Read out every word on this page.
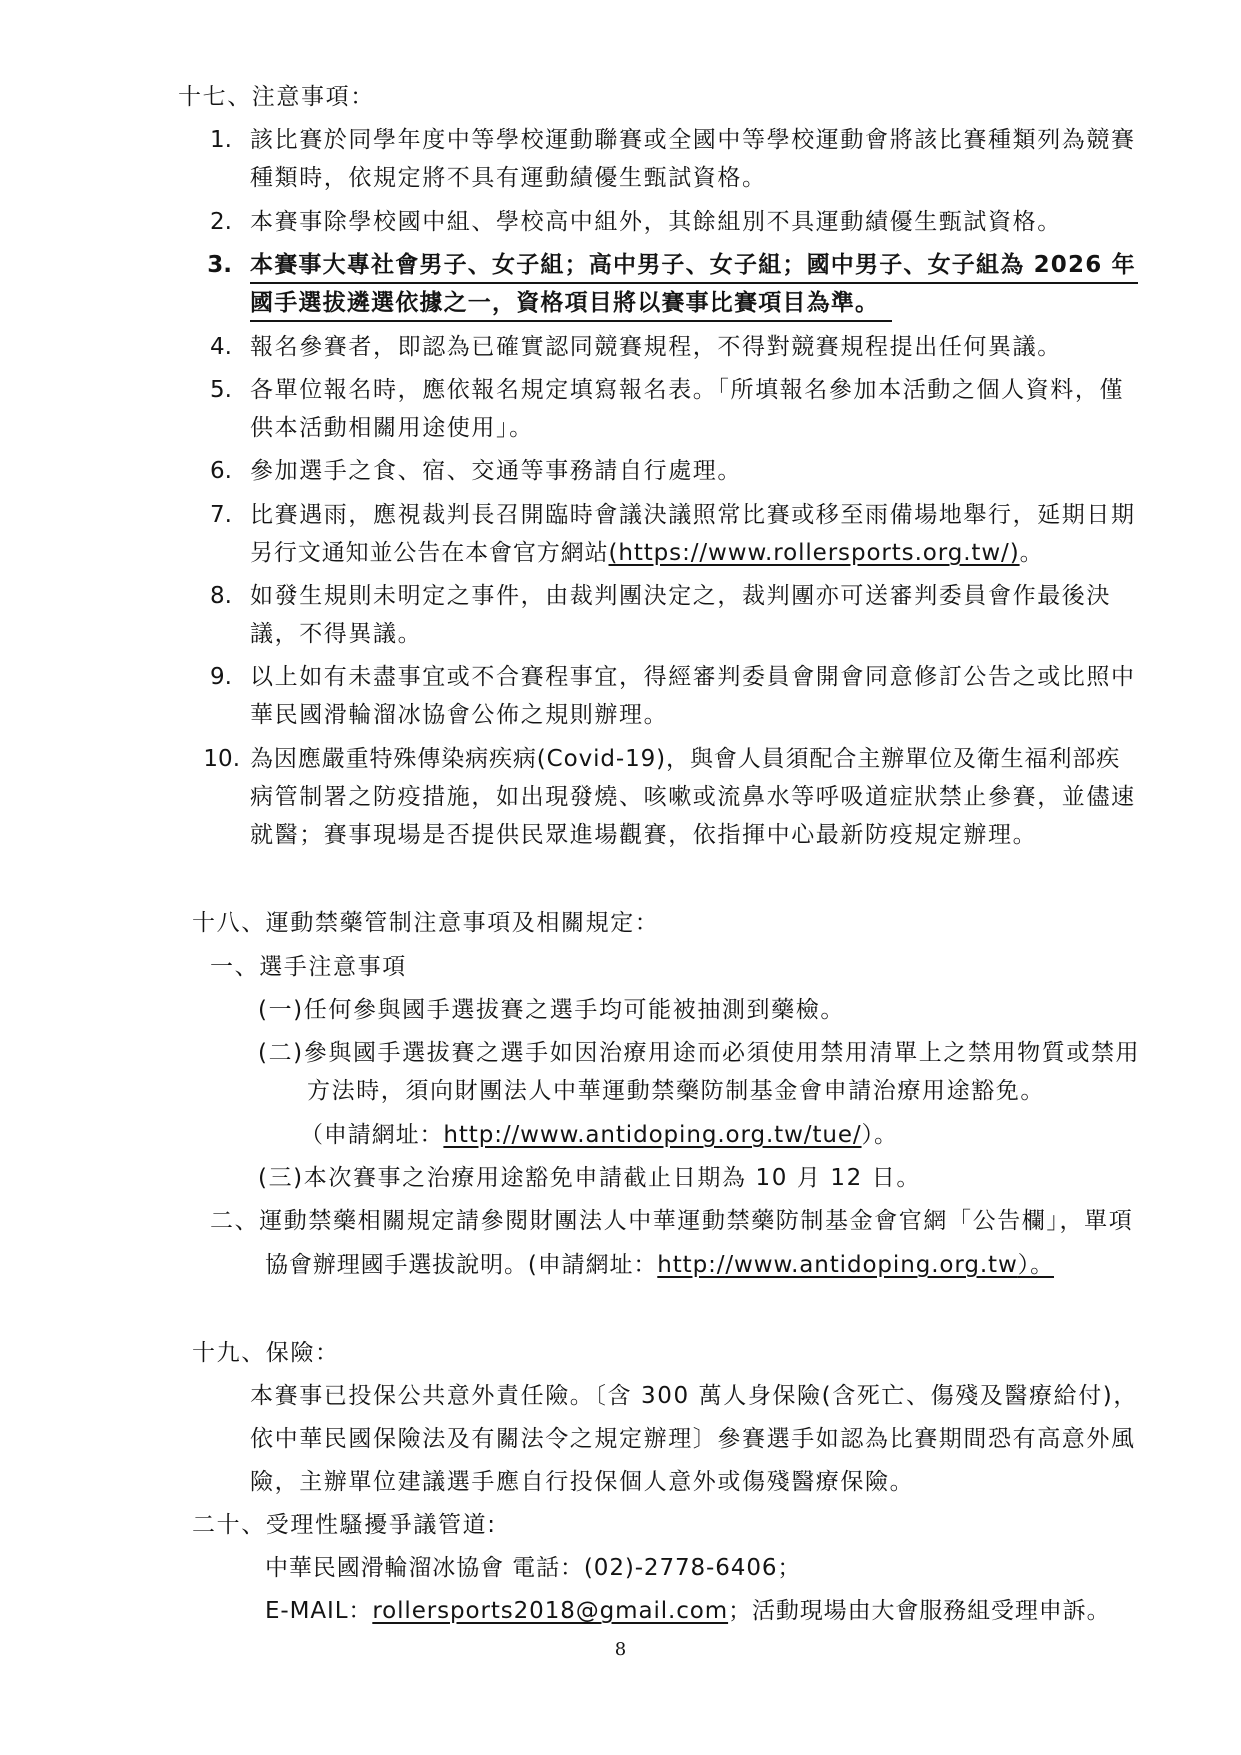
十七、注意事項：
1. 該比賽於同學年度中等學校運動聯賽或全國中等學校運動會將該比賽種類列為競賽
種類時，依規定將不具有運動績優生甄試資格。
2. 本賽事除學校國中組、學校高中組外，其餘組別不具運動績優生甄試資格。
3. 本賽事大專社會男子、女子組；高中男子、女子組；國中男子、女子組為 2026 年
國手選拔遴選依據之一，資格項目將以賽事比賽項目為準。
4. 報名參賽者，即認為已確實認同競賽規程，不得對競賽規程提出任何異議。
5. 各單位報名時，應依報名規定填寫報名表。「所填報名參加本活動之個人資料，僅
供本活動相關用途使用」。
6. 參加選手之食、宿、交通等事務請自行處理。
7. 比賽遇雨，應視裁判長召開臨時會議決議照常比賽或移至雨備場地舉行，延期日期
另行文通知並公告在本會官方網站(https://www.rollersports.org.tw/)。
8. 如發生規則未明定之事件，由裁判團決定之，裁判團亦可送審判委員會作最後決
議，不得異議。
9. 以上如有未盡事宜或不合賽程事宜，得經審判委員會開會同意修訂公告之或比照中
華民國滑輪溜冰協會公佈之規則辦理。
10. 為因應嚴重特殊傳染病疾病(Covid-19)，與會人員須配合主辦單位及衛生福利部疾
病管制署之防疫措施，如出現發燒、咳嗽或流鼻水等呼吸道症狀禁止參賽，並儘速
就醫；賽事現場是否提供民眾進場觀賽，依指揮中心最新防疫規定辦理。
十八、運動禁藥管制注意事項及相關規定：
一、選手注意事項
(一)任何參與國手選拔賽之選手均可能被抽測到藥檢。
(二)參與國手選拔賽之選手如因治療用途而必須使用禁用清單上之禁用物質或禁用
方法時，須向財團法人中華運動禁藥防制基金會申請治療用途豁免。
（申請網址：http://www.antidoping.org.tw/tue/）。
(三)本次賽事之治療用途豁免申請截止日期為 10 月 12 日。
二、運動禁藥相關規定請參閱財團法人中華運動禁藥防制基金會官網「公告欄」，單項
協會辦理國手選拔說明。(申請網址：http://www.antidoping.org.tw）。
十九、保險：
本賽事已投保公共意外責任險。〔含 300 萬人身保險(含死亡、傷殘及醫療給付)，
依中華民國保險法及有關法令之規定辦理〕參賽選手如認為比賽期間恐有高意外風
險，主辦單位建議選手應自行投保個人意外或傷殘醫療保險。
二十、受理性騷擾爭議管道:
中華民國滑輪溜冰協會 電話：(02)-2778-6406；
E-MAIL：rollersports2018@gmail.com；活動現場由大會服務組受理申訴。
8
